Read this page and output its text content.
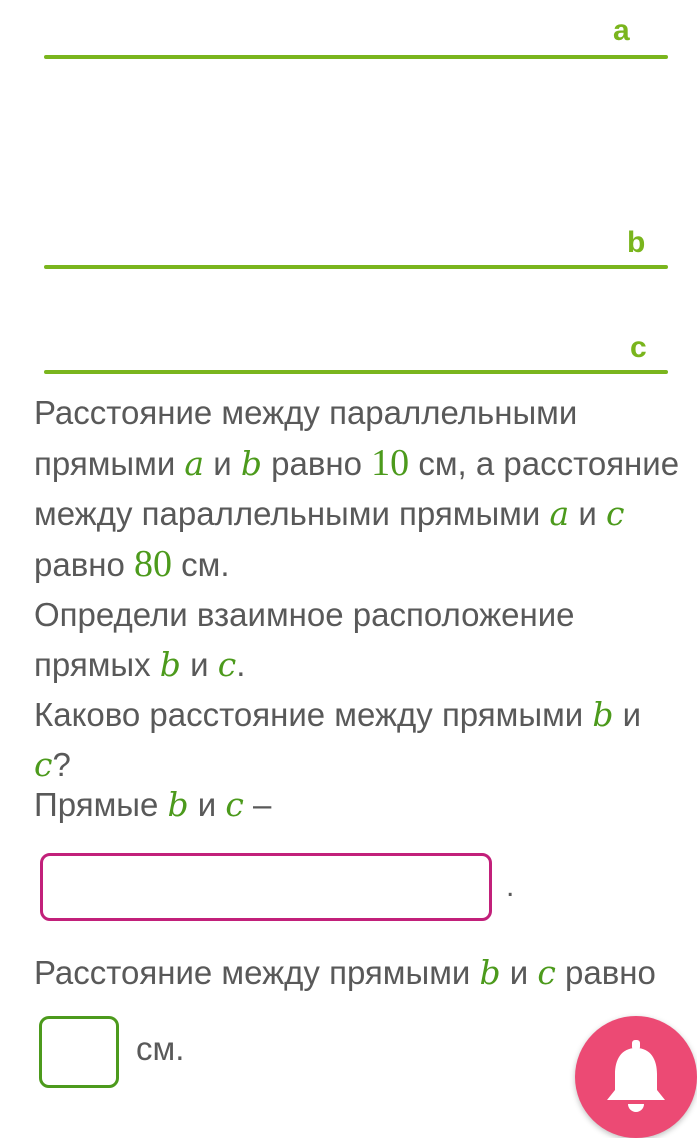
a
b
c

Расстояние между параллельными прямыми a и b равно 10 см, а расстояние между параллельными прямыми a и c равно 80 см.

Определи взаимное расположение прямых b и c.

Каково расстояние между прямыми b и c?

Прямые b и c –
.
Расстояние между прямыми b и c равно
см.
